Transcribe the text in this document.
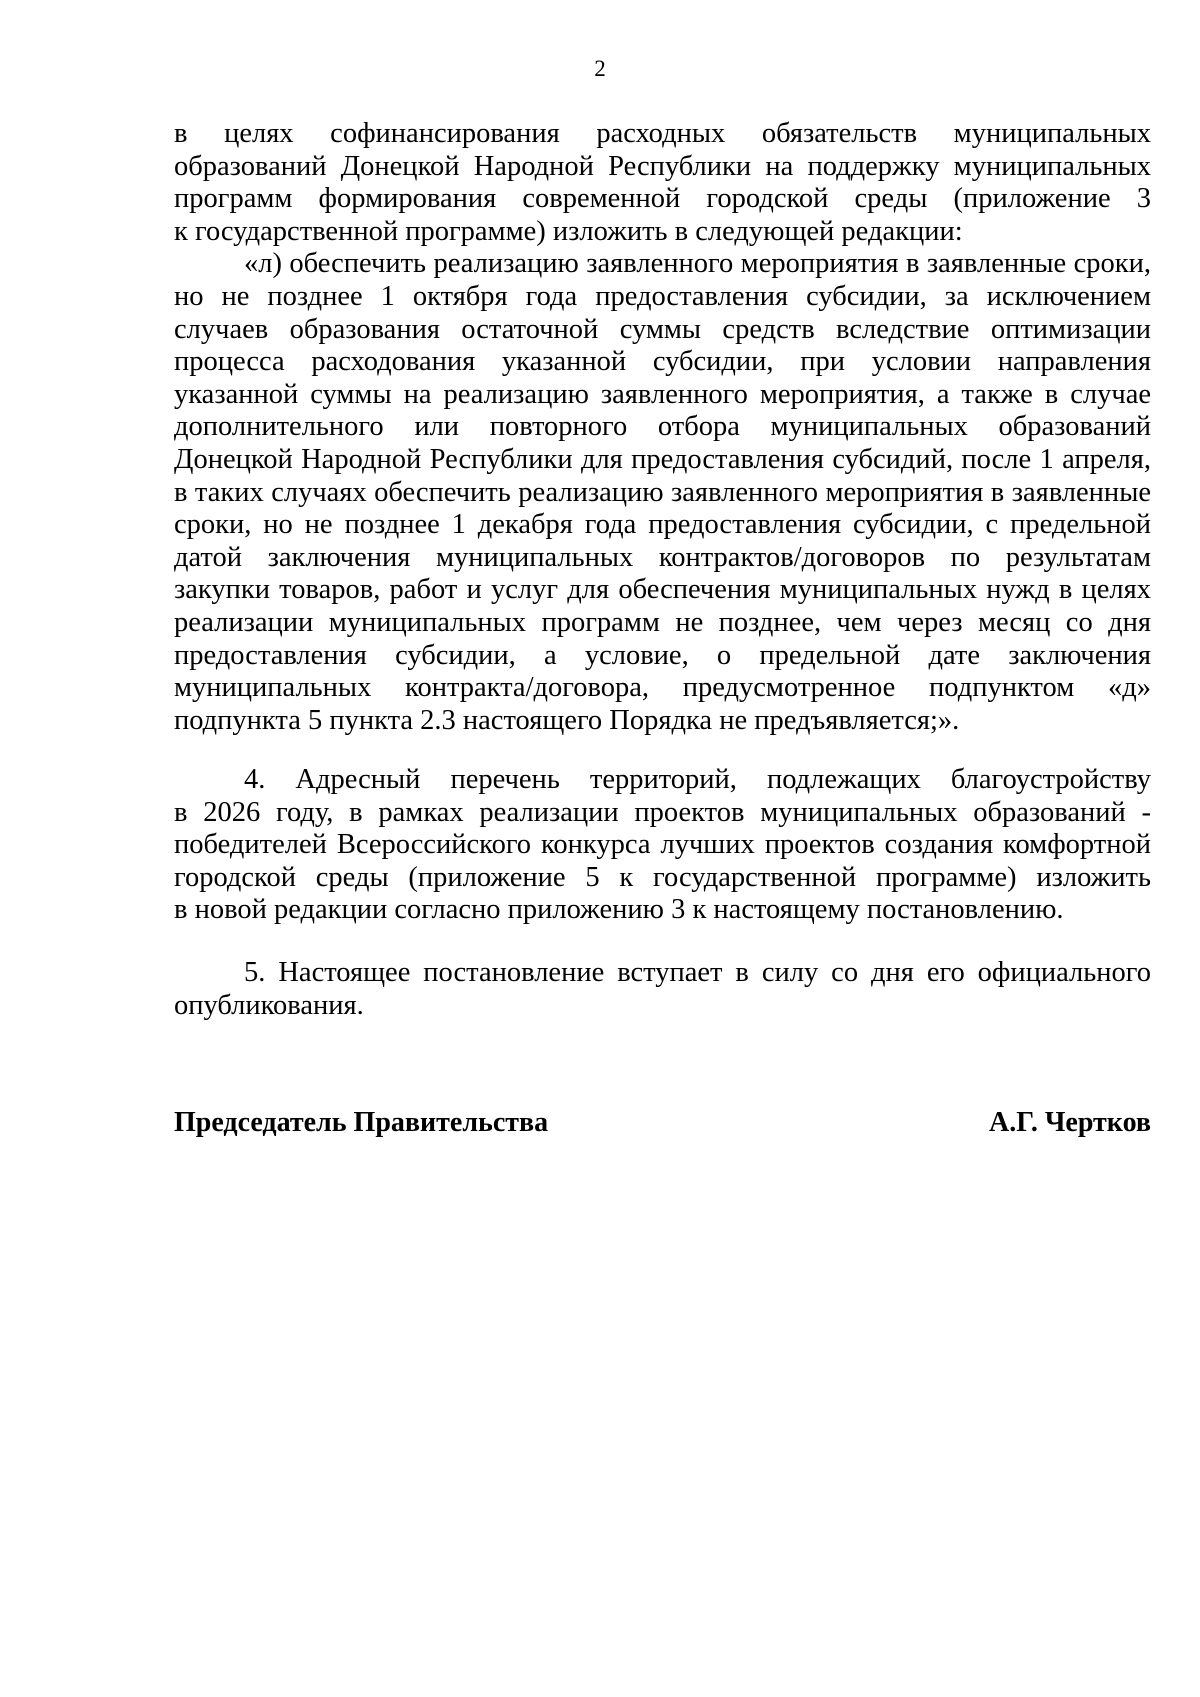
2
в целях софинансирования расходных обязательств муниципальных
образований Донецкой Народной Республики на поддержку муниципальных
программ формирования современной городской среды (приложение 3
к государственной программе) изложить в следующей редакции:
«л) обеспечить реализацию заявленного мероприятия в заявленные сроки,
но не позднее 1 октября года предоставления субсидии, за исключением
случаев образования остаточной суммы средств вследствие оптимизации
процесса расходования указанной субсидии, при условии направления
указанной суммы на реализацию заявленного мероприятия, а также в случае
дополнительного или повторного отбора муниципальных образований
Донецкой Народной Республики для предоставления субсидий, после 1 апреля,
в таких случаях обеспечить реализацию заявленного мероприятия в заявленные
сроки, но не позднее 1 декабря года предоставления субсидии, с предельной
датой заключения муниципальных контрактов/договоров по результатам
закупки товаров, работ и услуг для обеспечения муниципальных нужд в целях
реализации муниципальных программ не позднее, чем через месяц со дня
предоставления субсидии, а условие, о предельной дате заключения
муниципальных контракта/договора, предусмотренное подпунктом «д»
подпункта 5 пункта 2.3 настоящего Порядка не предъявляется;».
4. Адресный перечень территорий, подлежащих благоустройству
в 2026 году, в рамках реализации проектов муниципальных образований -
победителей Всероссийского конкурса лучших проектов создания комфортной
городской среды (приложение 5 к государственной программе) изложить
в новой редакции согласно приложению 3 к настоящему постановлению.
5. Настоящее постановление вступает в силу со дня его официального
опубликования.
Председатель Правительства	А.Г. Чертков
